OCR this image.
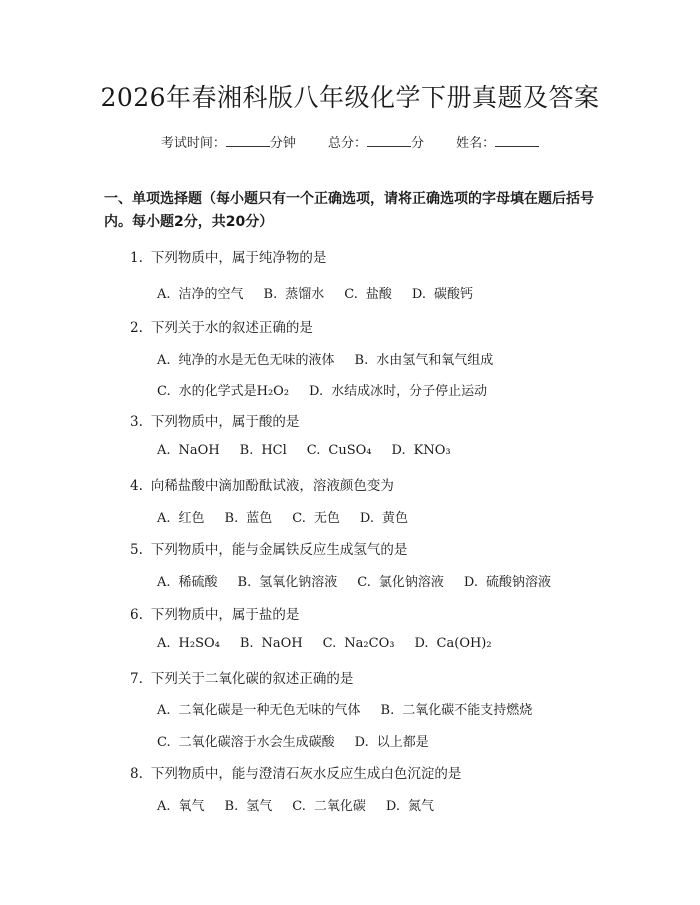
2026年春湘科版八年级化学下册真题及答案
考试时间：	分钟 总分：	分 姓名：
一、单项选择题（每小题只有一个正确选项，请将正确选项的字母填在题后括号内。每小题2分，共20分）
1. 下列物质中，属于纯净物的是
A. 洁净的空气 B. 蒸馏水 C. 盐酸 D. 碳酸钙
2. 下列关于水的叙述正确的是
A. 纯净的水是无色无味的液体 B. 水由氢气和氧气组成
C. 水的化学式是H₂O₂ D. 水结成冰时，分子停止运动
3. 下列物质中，属于酸的是
A. NaOH B. HCl C. CuSO₄ D. KNO₃
4. 向稀盐酸中滴加酚酞试液，溶液颜色变为
A. 红色 B. 蓝色 C. 无色 D. 黄色
5. 下列物质中，能与金属铁反应生成氢气的是
A. 稀硫酸 B. 氢氧化钠溶液 C. 氯化钠溶液 D. 硫酸钠溶液
6. 下列物质中，属于盐的是
A. H₂SO₄ B. NaOH C. Na₂CO₃ D. Ca(OH)₂
7. 下列关于二氧化碳的叙述正确的是
A. 二氧化碳是一种无色无味的气体 B. 二氧化碳不能支持燃烧
C. 二氧化碳溶于水会生成碳酸 D. 以上都是
8. 下列物质中，能与澄清石灰水反应生成白色沉淀的是
A. 氧气 B. 氢气 C. 二氧化碳 D. 氮气
